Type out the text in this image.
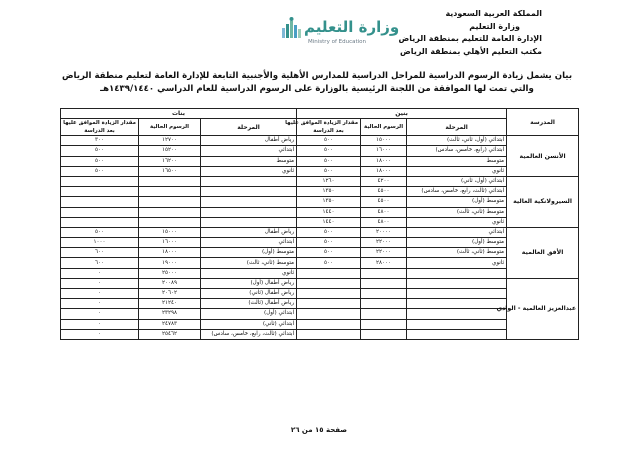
المملكة العربية السعودية
وزارة التعليم
الإدارة العامة للتعليم بمنطقة الرياض
مكتب التعليم الأهلي بمنطقة الرياض
وزارة التعليم
Ministry of Education
بيان يشمل زيادة الرسوم الدراسية للمراحل الدراسية للمدارس الأهلية والأجنبية التابعة للإدارة العامة لتعليم منطقة الرياض
والتي تمت لها الموافقة من اللجنة الرئيسية بالوزارة على الرسوم الدراسية للعام الدراسي ١٤٣٩/١٤٤٠هـ
المدرسة	بنين			بنات		
	المرحلة	الرسوم الحالية	مقدار الزيادة الموافق عليها
بعد الدراسة	المرحلة	الرسوم الحالية	مقدار الزيادة الموافق عليها
بعد الدراسة
الأنسن العالمية	ابتدائي (أول، ثاني، ثالث)	١٥٠٠٠	٥٠٠	رياض أطفال	١٢٧٠٠	٣٠٠
	ابتدائي (رابع، خامس، سادس)	١٦٠٠٠	٥٠٠	ابتدائي	١٥٢٠٠	٥٠٠
	متوسط	١٨٠٠٠	٥٠٠	متوسط	١٦٢٠٠	٥٠٠
	ثانوي	١٨٠٠٠	٥٠٠	ثانوي	١٦٥٠٠	٥٠٠
السيرولانكية العالية	ابتدائي (أول، ثاني)	٤٢٠٠	١٢٦٠			
	ابتدائي (ثالث، رابع، خامس، سادس)	٤٥٠٠	١٣٥٠			
	متوسط (أول)	٤٥٠٠	١٣٥٠			
	متوسط (ثاني، ثالث)	٤٨٠٠	١٤٤٠			
	ثانوي	٤٨٠٠	١٤٤٠			
الأفق العالمية	ابتدائي	٢٠٠٠٠	٥٠٠	رياض أطفال	١٥٠٠٠	٥٠٠
	متوسط (أول)	٢٢٠٠٠	٥٠٠	ابتدائي	١٦٠٠٠	١٠٠٠
	متوسط (ثاني، ثالث)	٢٢٠٠٠	٥٠٠	متوسط (أول)	١٨٠٠٠	٦٠٠
	ثانوي	٢٨٠٠٠	٥٠٠	متوسط (ثاني، ثالث)	١٩٠٠٠	٦٠٠
				ثانوي	٢٥٠٠٠	٠
عبدالعزيز العالمية - الوادي				رياض أطفال (أول)	٢٠٠٨٩	٠
				رياض أطفال (ثاني)	٢٠٦٠٢	٠
				رياض أطفال (ثالث)	٢١٢٤٠	٠
				ابتدائي (أول)	٢٣٢٩٨	٠
				ابتدائي (ثاني)	٢٤٧٨٣	٠
				ابتدائي (ثالث، رابع، خامس، سادس)	٢٥٤٦٢	٠
صفحة ١٥ من ٢٦
